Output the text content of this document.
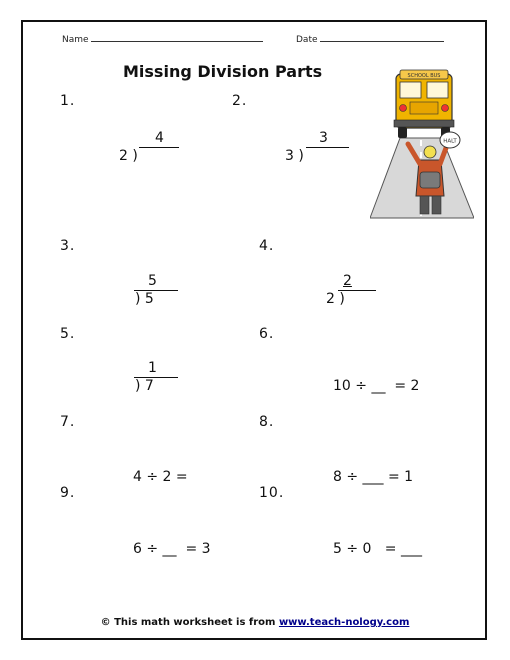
Name	Date
Missing Division Parts
1.
4
2 )
2.
3
3 )
3.
5
) 5
4.
2
2 )
5.
1
) 7
6.
10 ÷ __  = 2
7.
4 ÷ 2 =
8.
8 ÷ ___ = 1
9.
6 ÷ __  = 3
10.
5 ÷ 0   = ___
SCHOOL BUS
HALT
© This math worksheet is from www.teach-nology.com
